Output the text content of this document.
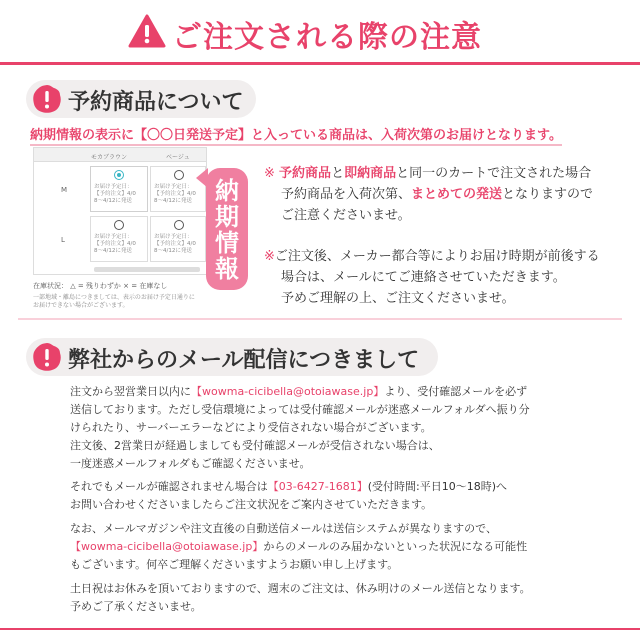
ご注文される際の注意
予約商品について
納期情報の表示に【〇〇日発送予定】と入っている商品は、入荷次第のお届けとなります。
モカブラウン	ベージュ
M
L
お届け予定日：
【予約注文】4/0
8〜4/12に発送
お届け予定日：
【予約注文】4/0
8〜4/12に発送
お届け予定日：
【予約注文】4/0
8〜4/12に発送
お届け予定日：
【予約注文】4/0
8〜4/12に発送
在庫状況： △ = 残りわずか × = 在庫なし
一部地域・離島につきましては、表示のお届け予定日通りに
お届けできない場合がございます。
納期情報
※ 予約商品と即納商品と同一のカートで注文された場合
予約商品を入荷次第、まとめての発送となりますので
ご注意くださいませ。
※ご注文後、メーカー都合等によりお届け時期が前後する
場合は、メールにてご連絡させていただきます。
予めご理解の上、ご注文くださいませ。
弊社からのメール配信につきまして
注文から翌営業日以内に【wowma-cicibella@otoiawase.jp】より、受付確認メールを必ず
送信しております。ただし受信環境によっては受付確認メールが迷惑メールフォルダへ振り分
けられたり、サーバーエラーなどにより受信されない場合がございます。
注文後、2営業日が経過しましても受付確認メールが受信されない場合は、
一度迷惑メールフォルダもご確認くださいませ。
それでもメールが確認されません場合は【03-6427-1681】(受付時間:平日10～18時)へ
お問い合わせくださいましたらご注文状況をご案内させていただきます。
なお、メールマガジンや注文直後の自動送信メールは送信システムが異なりますので、
【wowma-cicibella@otoiawase.jp】からのメールのみ届かないといった状況になる可能性
もございます。何卒ご理解くださいますようお願い申し上げます。
土日祝はお休みを頂いておりますので、週末のご注文は、休み明けのメール送信となります。
予めご了承くださいませ。
